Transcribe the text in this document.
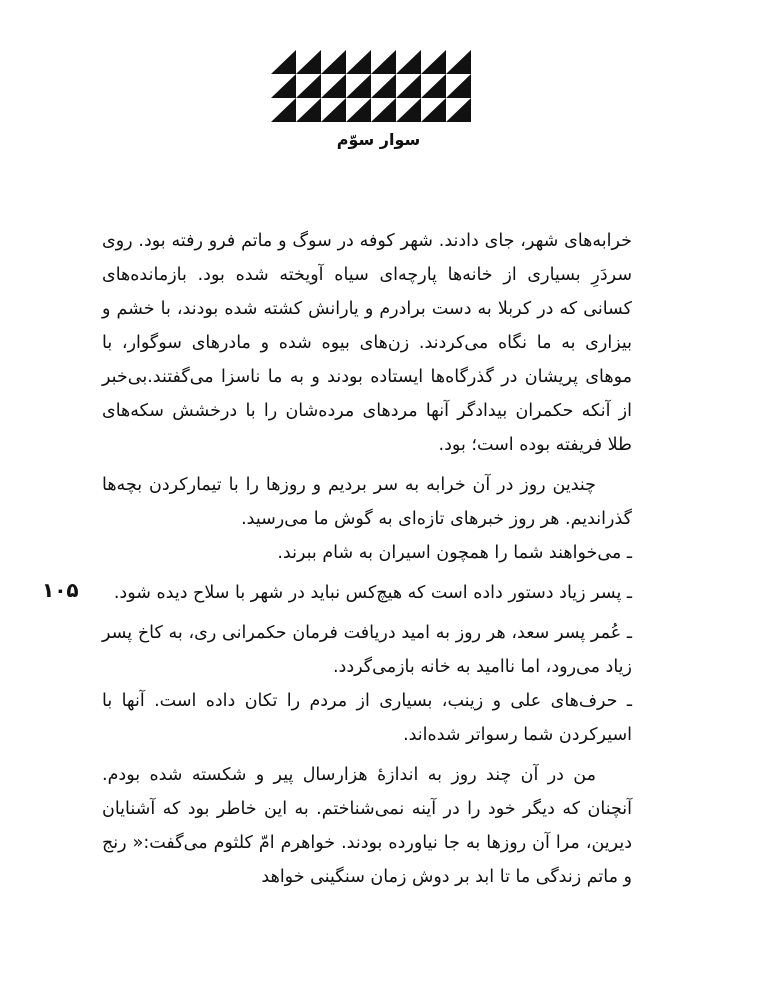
سوار سوّم

خرابه‌های شهر، جای دادند. شهر کوفه در سوگ و ماتم فرو رفته بود. روی سردَرِ بسیاری از خانه‌ها پارچه‌ای سیاه آویخته شده بود. بازمانده‌های کسانی که در کربلا به دست برادرم و یارانش کشته شده بودند، با خشم و بیزاری به ما نگاه می‌کردند. زن‌های بیوه شده و مادرهای سوگوار، با موهای پریشان در گذرگاه‌ها ایستاده بودند و به ما ناسزا می‌گفتند.بی‌خبر از آنکه حکمران بیدادگر آنها مردهای مرده‌شان را با درخشش سکه‌های طلا فریفته بوده است؛ بود.

چندین روز در آن خرابه به سر بردیم و روزها را با تیمارکردن بچه‌ها گذراندیم. هر روز خبرهای تازه‌ای به گوش ما می‌رسید.

ـ می‌خواهند شما را همچون اسیران به شام ببرند.

ـ پسر زیاد دستور داده است که هیچ‌کس نباید در شهر با سلاح دیده شود.

ـ عُمر پسر سعد، هر روز به امید دریافت فرمان حکمرانی ری، به کاخ پسر زیاد می‌رود، اما ناامید به خانه بازمی‌گردد.

ـ حرف‌های علی و زینب، بسیاری از مردم را تکان داده است. آنها با اسیرکردن شما رسواتر شده‌اند.

من در آن چند روز به اندازهٔ هزارسال پیر و شکسته شده بودم. آنچنان که دیگر خود را در آینه نمی‌شناختم. به این خاطر بود که آشنایان دیرین، مرا آن روزها به جا نیاورده بودند. خواهرم امّ کلثوم می‌گفت:« رنج و ماتم زندگی ما تا ابد بر دوش زمان سنگینی خواهد

۱۰۵
